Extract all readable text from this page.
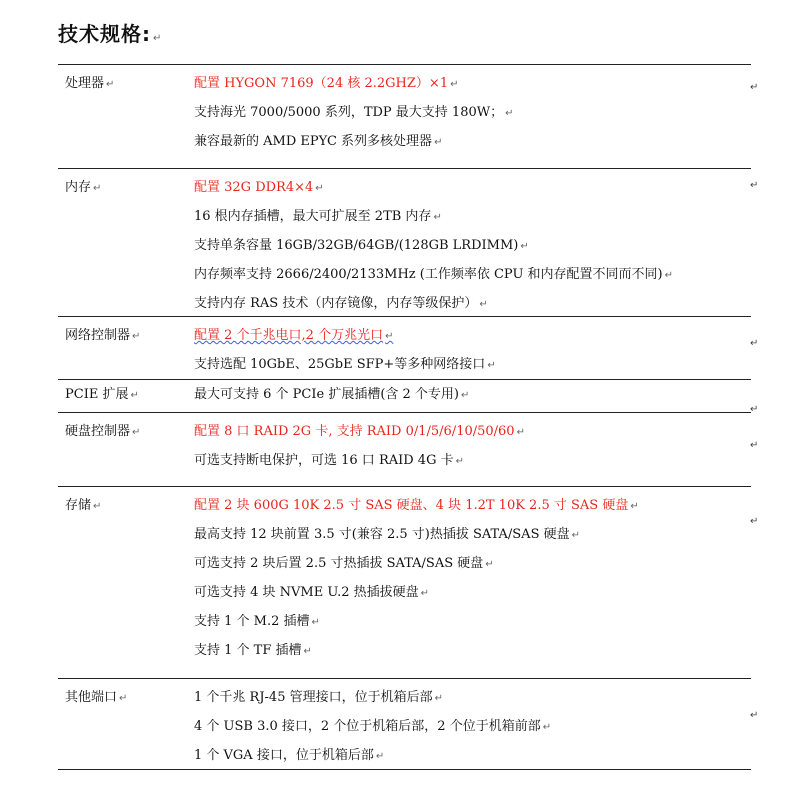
技术规格: ↵
处理器 ↵	配置 HYGON 7169（24 核 2.2GHZ）×1 ↵
支持海光 7000/5000 系列，TDP 最大支持 180W； ↵
兼容最新的 AMD EPYC 系列多核处理器 ↵
内存 ↵	配置 32G DDR4×4 ↵
16 根内存插槽，最大可扩展至 2TB 内存 ↵
支持单条容量 16GB/32GB/64GB/(128GB LRDIMM) ↵
内存频率支持 2666/2400/2133MHz (工作频率依 CPU 和内存配置不同而不同) ↵
支持内存 RAS 技术（内存镜像，内存等级保护） ↵
网络控制器 ↵	配置 2 个千兆电口,2 个万兆光口 ↵
支持选配 10GbE、25GbE SFP+等多种网络接口 ↵
PCIE 扩展 ↵	最大可支持 6 个 PCIe 扩展插槽(含 2 个专用) ↵
硬盘控制器 ↵	配置 8 口 RAID 2G 卡, 支持 RAID 0/1/5/6/10/50/60 ↵
可选支持断电保护，可选 16 口 RAID 4G 卡 ↵
存储 ↵	配置 2 块 600G 10K 2.5 寸 SAS 硬盘、4 块 1.2T 10K 2.5 寸 SAS 硬盘 ↵
最高支持 12 块前置 3.5 寸(兼容 2.5 寸)热插拔 SATA/SAS 硬盘 ↵
可选支持 2 块后置 2.5 寸热插拔 SATA/SAS 硬盘 ↵
可选支持 4 块 NVME U.2 热插拔硬盘 ↵
支持 1 个 M.2 插槽 ↵
支持 1 个 TF 插槽 ↵
其他端口 ↵	1 个千兆 RJ-45 管理接口，位于机箱后部 ↵
4 个 USB 3.0 接口，2 个位于机箱后部，2 个位于机箱前部 ↵
1 个 VGA 接口，位于机箱后部 ↵
↵
↵
↵
↵
↵
↵
↵
